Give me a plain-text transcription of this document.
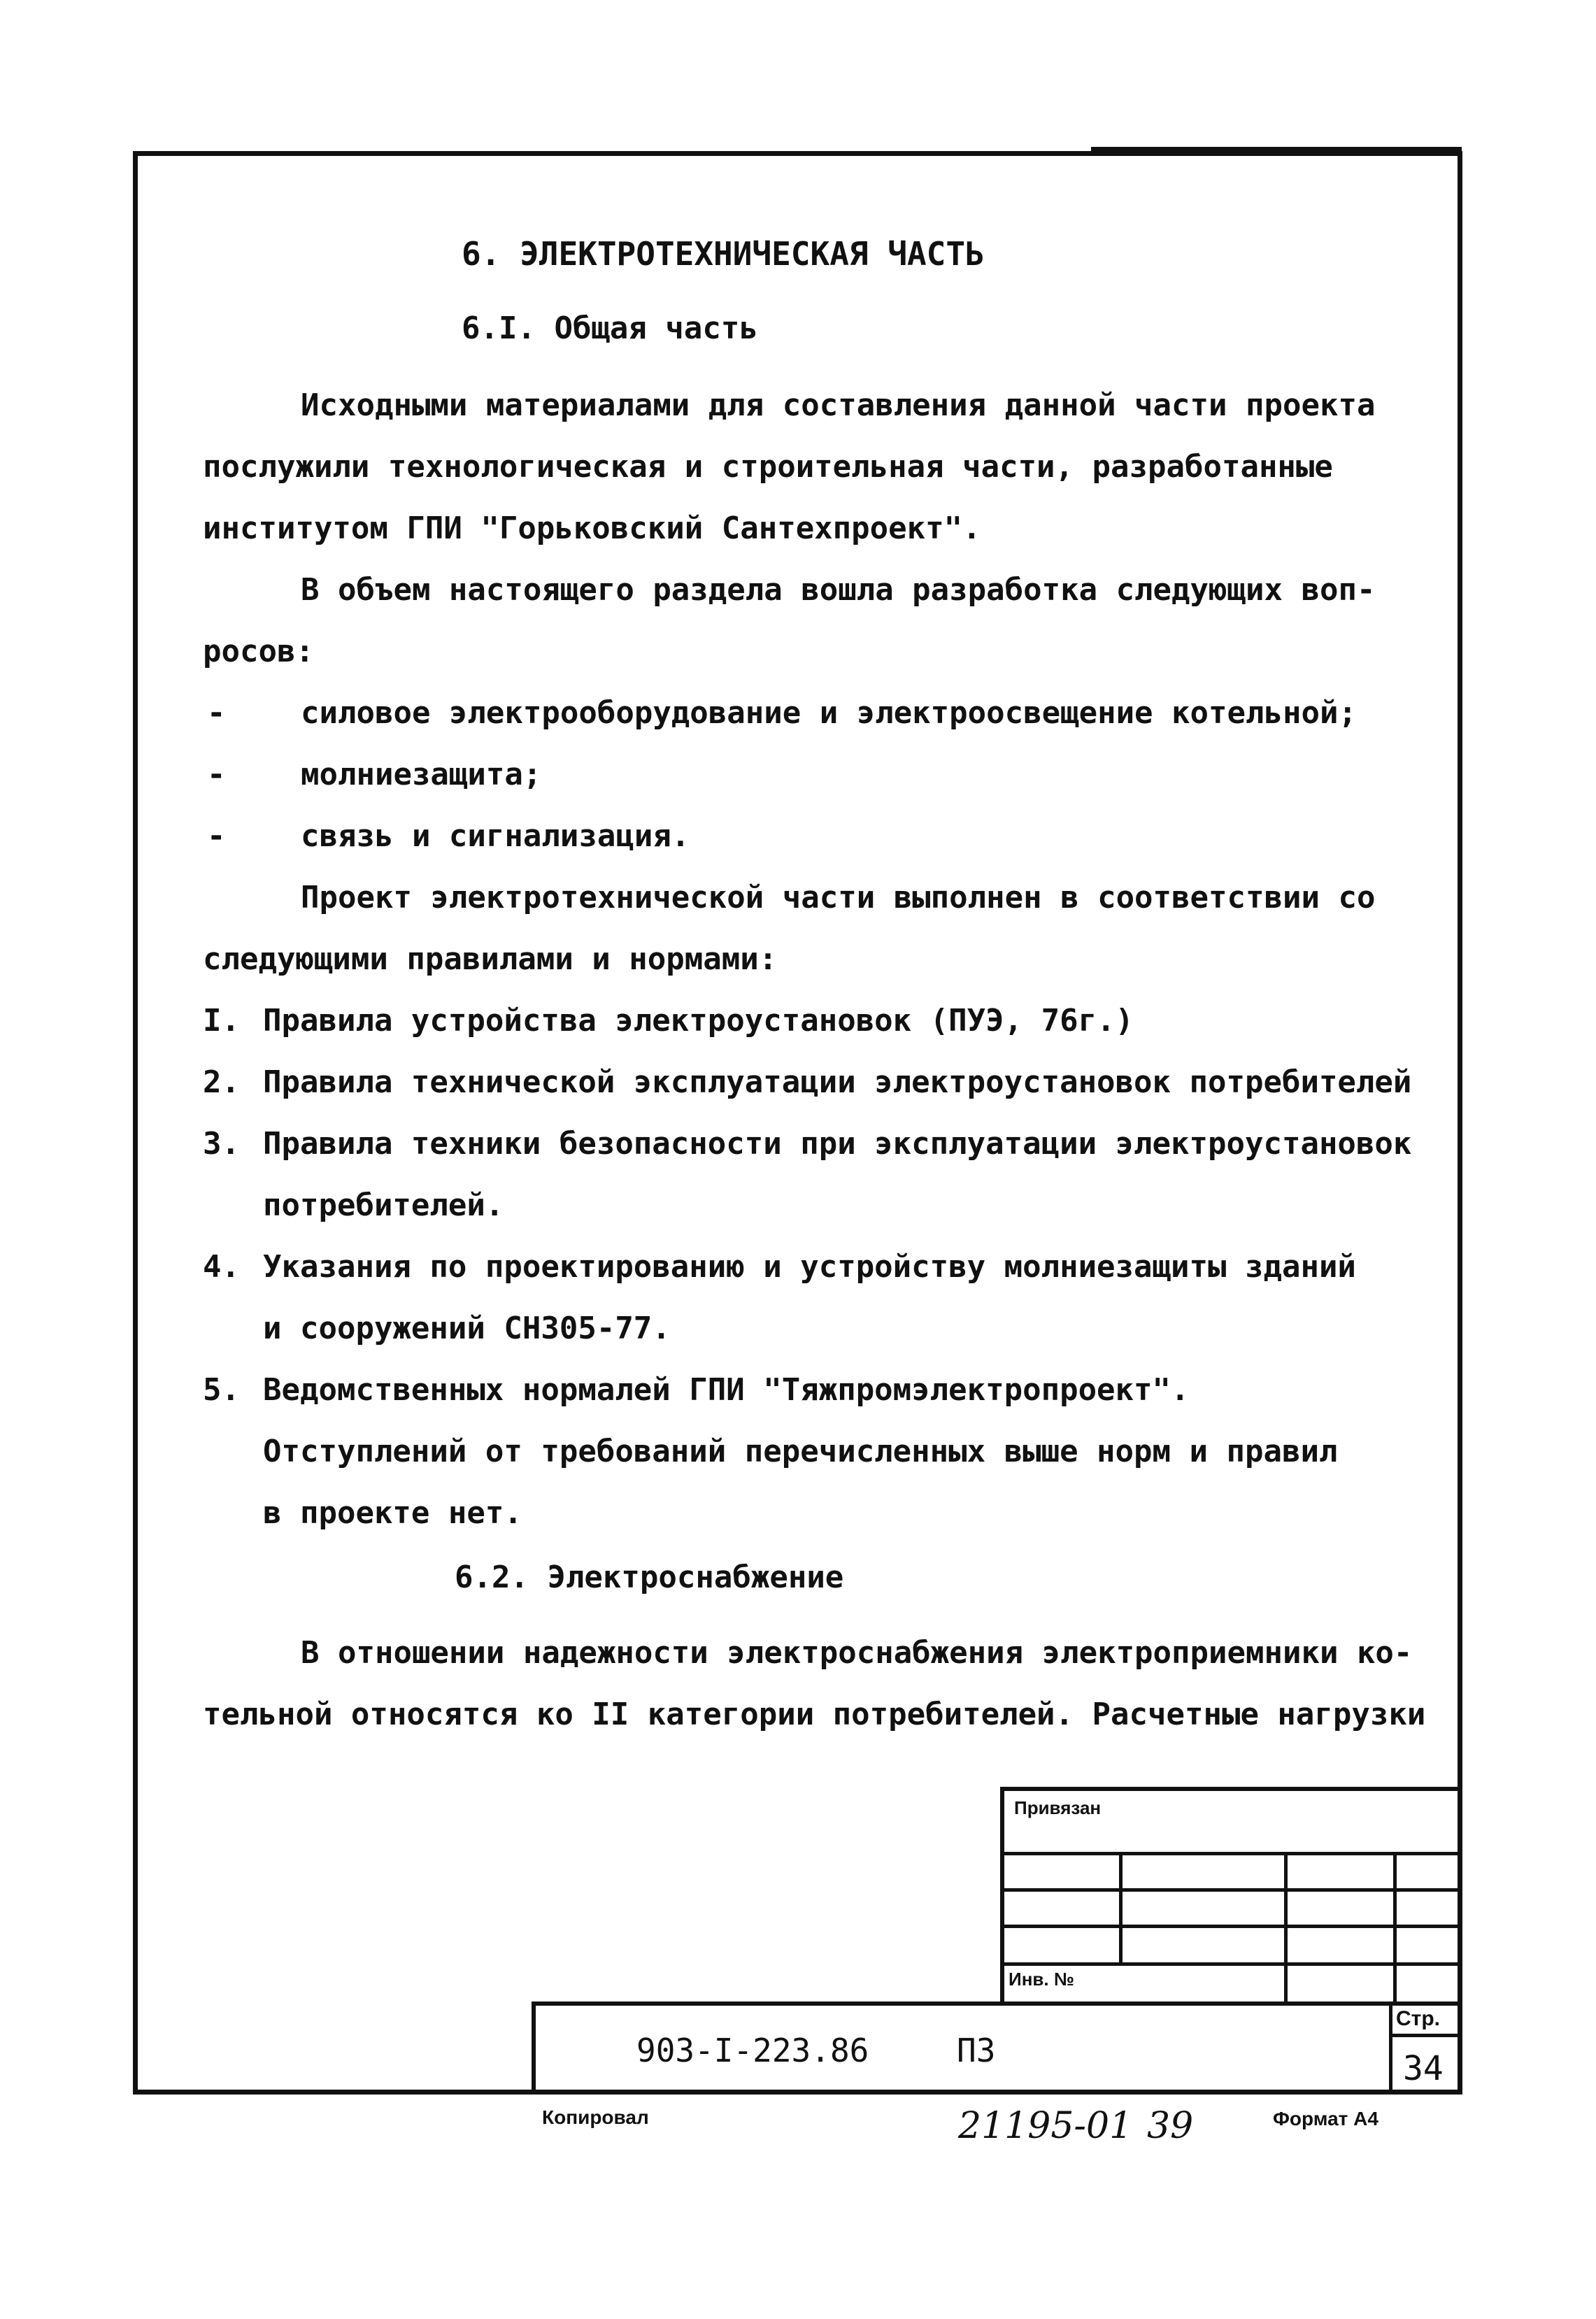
6. ЭЛЕКТРОТЕХНИЧЕСКАЯ ЧАСТЬ
6.I. Общая часть
Исходными материалами для составления данной части проекта
послужили технологическая и строительная части, разработанные
институтом ГПИ "Горьковский Сантехпроект".
В объем настоящего раздела вошла разработка следующих воп-
росов:
- силовое электрооборудование и электроосвещение котельной;
- молниезащита;
- связь и сигнализация.
Проект электротехнической части выполнен в соответствии со
следующими правилами и нормами:
I. Правила устройства электроустановок (ПУЭ, 76г.)
2. Правила технической эксплуатации электроустановок потребителей
3. Правила техники безопасности при эксплуатации электроустановок
потребителей.
4. Указания по проектированию и устройству молниезащиты зданий
и сооружений СН305-77.
5. Ведомственных нормалей ГПИ "Тяжпромэлектропроект".
Отступлений от требований перечисленных выше норм и правил
в проекте нет.
6.2. Электроснабжение
В отношении надежности электроснабжения электроприемники ко-
тельной относятся ко II категории потребителей. Расчетные нагрузки
Привязан
Инв. №
903-I-223.86	ПЗ
Стр.
34
Копировал	21195-01 39	Формат А4
